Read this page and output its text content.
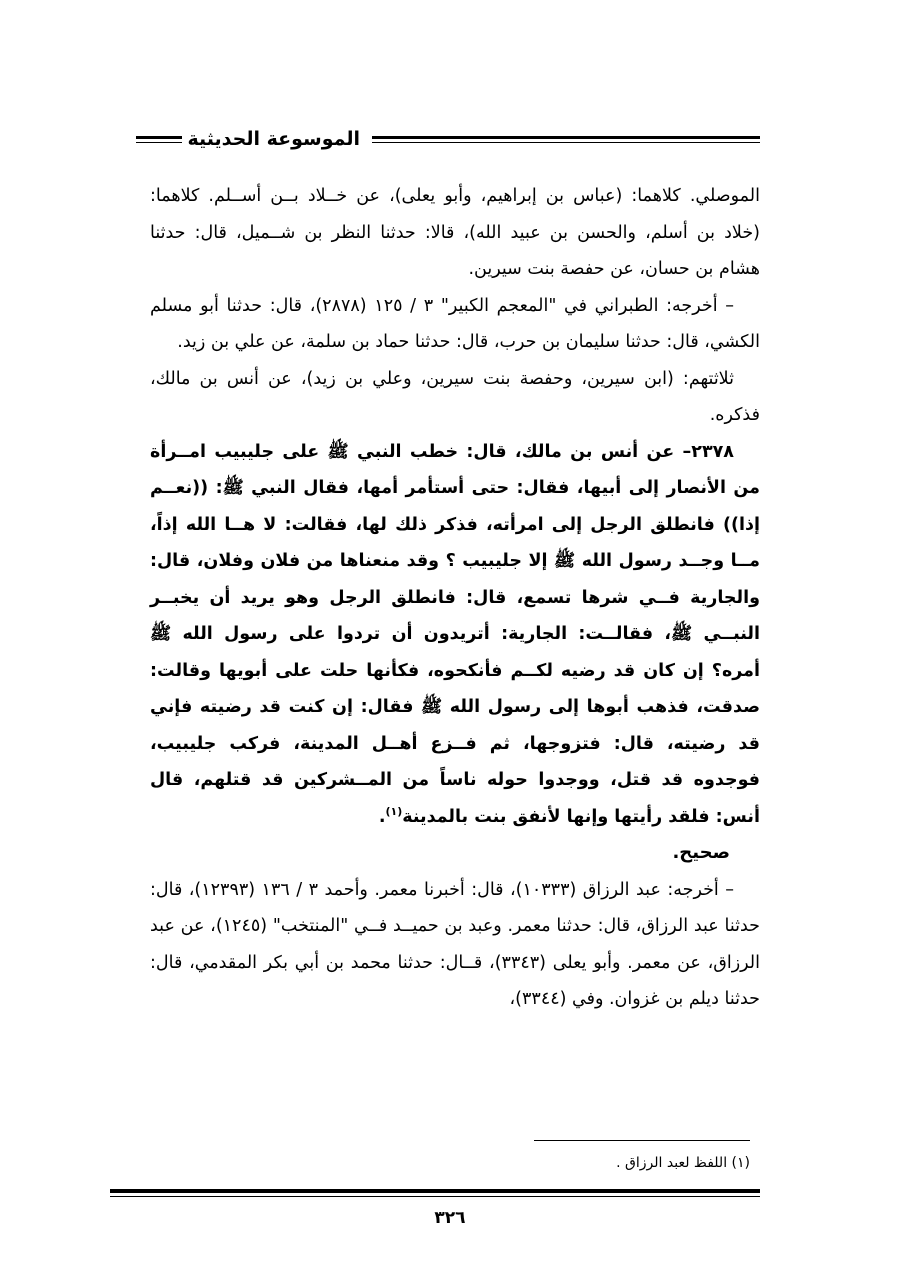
الموسوعة الحديثية

الموصلي. كلاهما: (عباس بن إبراهيم، وأبو يعلى)، عن خــلاد بــن أســلم. كلاهما: (خلاد بن أسلم، والحسن بن عبيد الله)، قالا: حدثنا النظر بن شــميل، قال: حدثنا هشام بن حسان، عن حفصة بنت سيرين.

– أخرجه: الطبراني في "المعجم الكبير" ٣ / ١٢٥ (٢٨٧٨)، قال: حدثنا أبو مسلم الكشي، قال: حدثنا سليمان بن حرب، قال: حدثنا حماد بن سلمة، عن علي بن زيد.

ثلاثتهم: (ابن سيرين، وحفصة بنت سيرين، وعلي بن زيد)، عن أنس بن مالك، فذكره.

٢٣٧٨– عن أنس بن مالك، قال: خطب النبي ﷺ على جليبيب امــرأة من الأنصار إلى أبيها، فقال: حتى أستأمر أمها، فقال النبي ﷺ: ((نعــم إذا)) فانطلق الرجل إلى امرأته، فذكر ذلك لها، فقالت: لا هــا الله إذاً، مــا وجــد رسول الله ﷺ إلا جليبيب ؟ وقد منعناها من فلان وفلان، قال: والجارية فــي شرها تسمع، قال: فانطلق الرجل وهو يريد أن يخبــر النبــي ﷺ، فقالــت: الجارية: أتريدون أن تردوا على رسول الله ﷺ أمره؟ إن كان قد رضيه لكــم فأنكحوه، فكأنها حلت على أبويها وقالت: صدقت، فذهب أبوها إلى رسول الله ﷺ فقال: إن كنت قد رضيته فإني قد رضيته، قال: فتزوجها، ثم فــزع أهــل المدينة، فركب جليبيب، فوجدوه قد قتل، ووجدوا حوله ناساً من المــشركين قد قتلهم، قال أنس: فلقد رأيتها وإنها لأنفق بنت بالمدينة$^{(١)}$.

صحيح.

– أخرجه: عبد الرزاق (١٠٣٣٣)، قال: أخبرنا معمر. وأحمد ٣ / ١٣٦ (١٢٣٩٣)، قال: حدثنا عبد الرزاق، قال: حدثنا معمر. وعبد بن حميــد فــي "المنتخب" (١٢٤٥)، عن عبد الرزاق، عن معمر. وأبو يعلى (٣٣٤٣)، قــال: حدثنا محمد بن أبي بكر المقدمي، قال: حدثنا ديلم بن غزوان. وفي (٣٣٤٤)،

(١) اللفظ لعبد الرزاق .
٣٢٦
